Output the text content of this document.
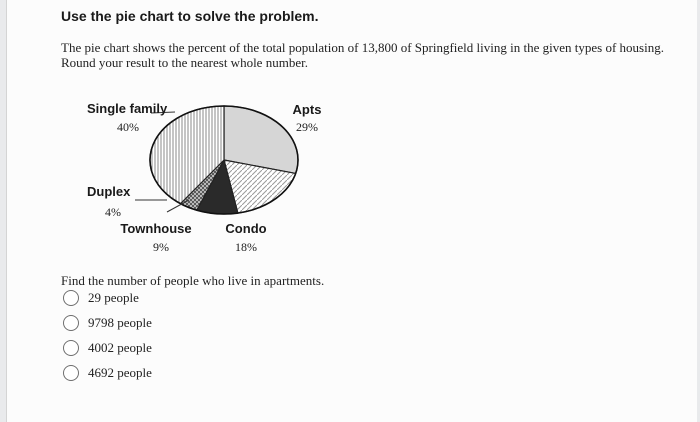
Use the pie chart to solve the problem.
The pie chart shows the percent of the total population of 13,800 of Springfield living in the given types of housing. Round your result to the nearest whole number.
Apts
29%
Condo
18%
Townhouse
9%
Duplex
4%
Single family
40%
Find the number of people who live in apartments.
29 people
9798 people
4002 people
4692 people
